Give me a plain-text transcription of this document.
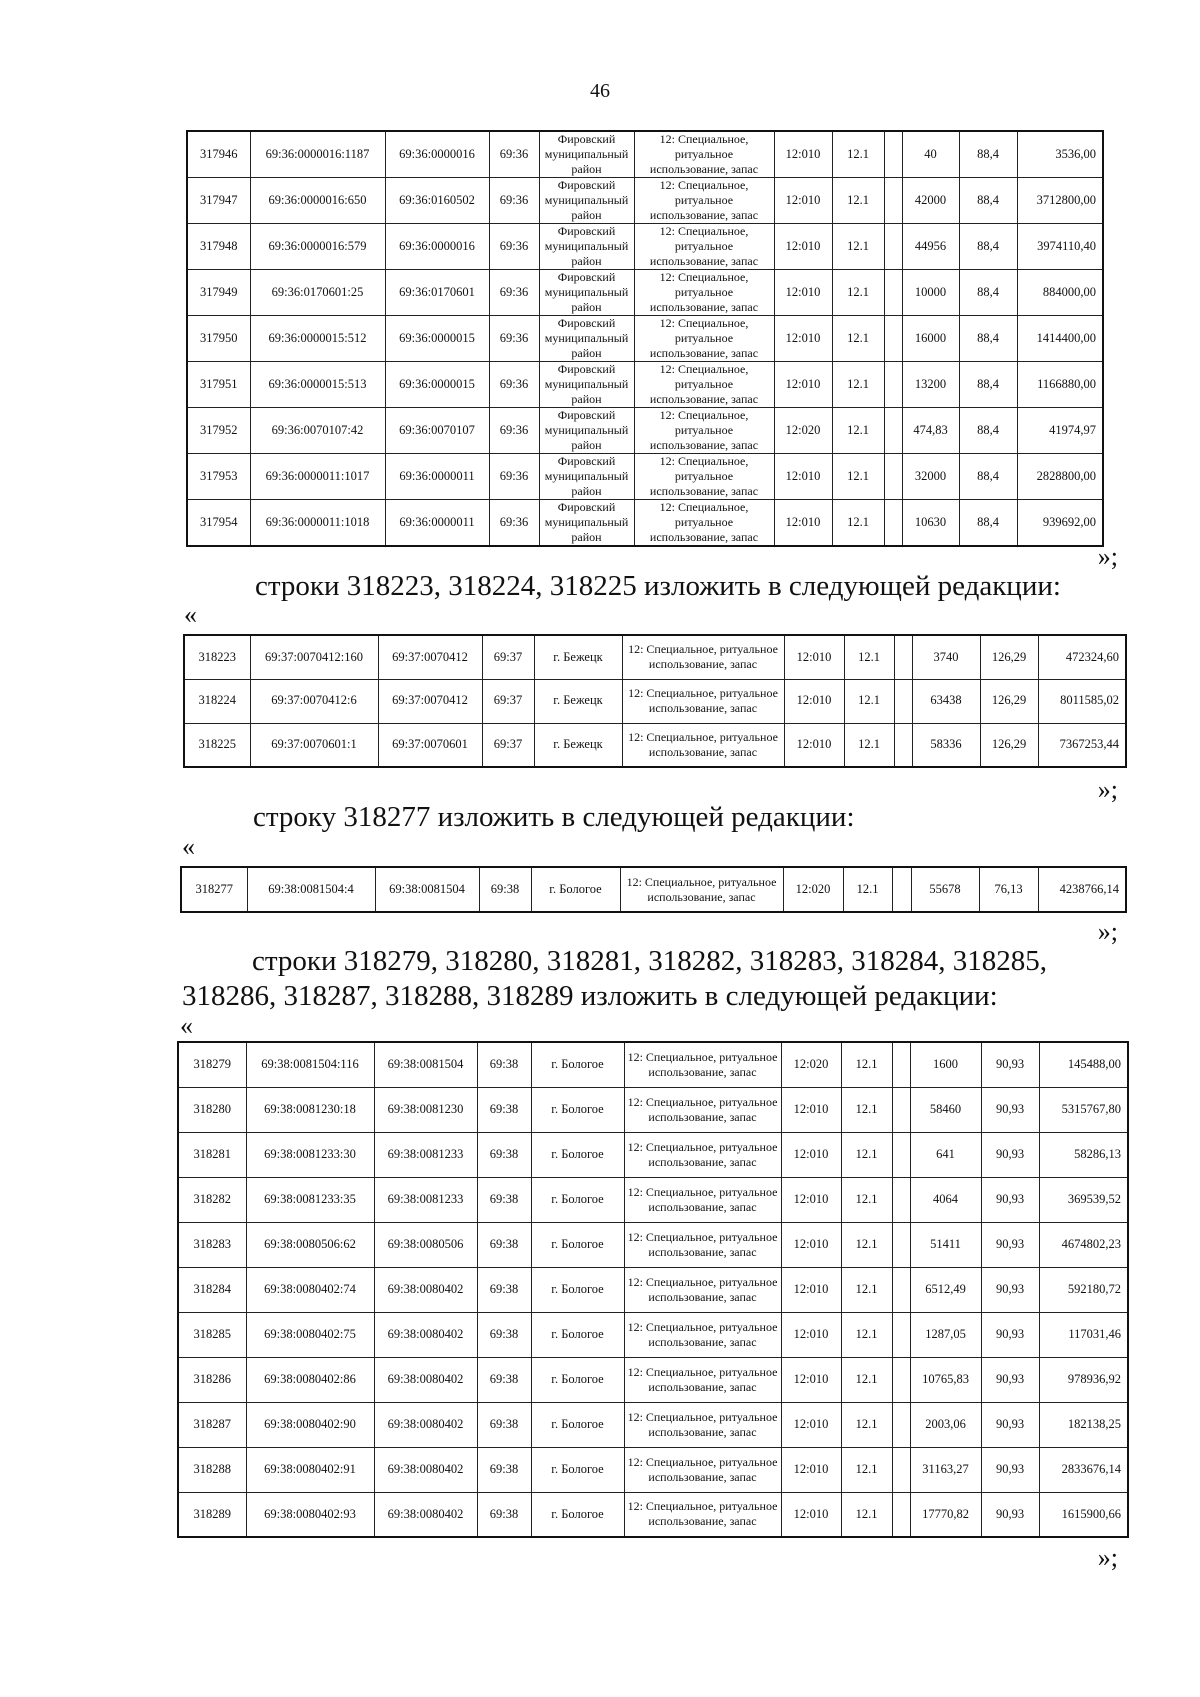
46
317946	69:36:0000016:1187	69:36:0000016	69:36	Фировский муниципальный район	12: Специальное, ритуальное использование, запас	12:010	12.1		40	88,4	3536,00
317947	69:36:0000016:650	69:36:0160502	69:36	Фировский муниципальный район	12: Специальное, ритуальное использование, запас	12:010	12.1		42000	88,4	3712800,00
317948	69:36:0000016:579	69:36:0000016	69:36	Фировский муниципальный район	12: Специальное, ритуальное использование, запас	12:010	12.1		44956	88,4	3974110,40
317949	69:36:0170601:25	69:36:0170601	69:36	Фировский муниципальный район	12: Специальное, ритуальное использование, запас	12:010	12.1		10000	88,4	884000,00
317950	69:36:0000015:512	69:36:0000015	69:36	Фировский муниципальный район	12: Специальное, ритуальное использование, запас	12:010	12.1		16000	88,4	1414400,00
317951	69:36:0000015:513	69:36:0000015	69:36	Фировский муниципальный район	12: Специальное, ритуальное использование, запас	12:010	12.1		13200	88,4	1166880,00
317952	69:36:0070107:42	69:36:0070107	69:36	Фировский муниципальный район	12: Специальное, ритуальное использование, запас	12:020	12.1		474,83	88,4	41974,97
317953	69:36:0000011:1017	69:36:0000011	69:36	Фировский муниципальный район	12: Специальное, ритуальное использование, запас	12:010	12.1		32000	88,4	2828800,00
317954	69:36:0000011:1018	69:36:0000011	69:36	Фировский муниципальный район	12: Специальное, ритуальное использование, запас	12:010	12.1		10630	88,4	939692,00
»;
строки 318223, 318224, 318225 изложить в следующей редакции:
«
318223	69:37:0070412:160	69:37:0070412	69:37	г. Бежецк	12: Специальное, ритуальное использование, запас	12:010	12.1		3740	126,29	472324,60
318224	69:37:0070412:6	69:37:0070412	69:37	г. Бежецк	12: Специальное, ритуальное использование, запас	12:010	12.1		63438	126,29	8011585,02
318225	69:37:0070601:1	69:37:0070601	69:37	г. Бежецк	12: Специальное, ритуальное использование, запас	12:010	12.1		58336	126,29	7367253,44
»;
строку 318277 изложить в следующей редакции:
«
318277	69:38:0081504:4	69:38:0081504	69:38	г. Бологое	12: Специальное, ритуальное использование, запас	12:020	12.1		55678	76,13	4238766,14
»;
строки 318279, 318280, 318281, 318282, 318283, 318284, 318285,
318286, 318287, 318288, 318289 изложить в следующей редакции:
«
318279	69:38:0081504:116	69:38:0081504	69:38	г. Бологое	12: Специальное, ритуальное использование, запас	12:020	12.1		1600	90,93	145488,00
318280	69:38:0081230:18	69:38:0081230	69:38	г. Бологое	12: Специальное, ритуальное использование, запас	12:010	12.1		58460	90,93	5315767,80
318281	69:38:0081233:30	69:38:0081233	69:38	г. Бологое	12: Специальное, ритуальное использование, запас	12:010	12.1		641	90,93	58286,13
318282	69:38:0081233:35	69:38:0081233	69:38	г. Бологое	12: Специальное, ритуальное использование, запас	12:010	12.1		4064	90,93	369539,52
318283	69:38:0080506:62	69:38:0080506	69:38	г. Бологое	12: Специальное, ритуальное использование, запас	12:010	12.1		51411	90,93	4674802,23
318284	69:38:0080402:74	69:38:0080402	69:38	г. Бологое	12: Специальное, ритуальное использование, запас	12:010	12.1		6512,49	90,93	592180,72
318285	69:38:0080402:75	69:38:0080402	69:38	г. Бологое	12: Специальное, ритуальное использование, запас	12:010	12.1		1287,05	90,93	117031,46
318286	69:38:0080402:86	69:38:0080402	69:38	г. Бологое	12: Специальное, ритуальное использование, запас	12:010	12.1		10765,83	90,93	978936,92
318287	69:38:0080402:90	69:38:0080402	69:38	г. Бологое	12: Специальное, ритуальное использование, запас	12:010	12.1		2003,06	90,93	182138,25
318288	69:38:0080402:91	69:38:0080402	69:38	г. Бологое	12: Специальное, ритуальное использование, запас	12:010	12.1		31163,27	90,93	2833676,14
318289	69:38:0080402:93	69:38:0080402	69:38	г. Бологое	12: Специальное, ритуальное использование, запас	12:010	12.1		17770,82	90,93	1615900,66
»;
